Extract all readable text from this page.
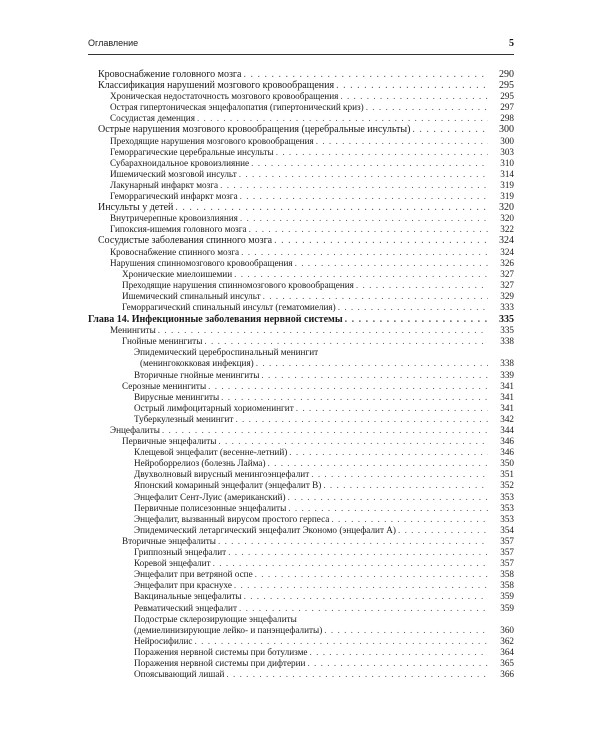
Оглавление	5
Кровоснабжение головного мозга . . .	290
Классификация нарушений мозгового кровообращения . . .	295
Хроническая недостаточность мозгового кровообращения . . .	295
Острая гипертоническая энцефалопатия (гипертонический криз) . . .	297
Сосудистая деменция . . .	298
Острые нарушения мозгового кровообращения (церебральные инсульты) . . .	300
Преходящие нарушения мозгового кровообращения . . .	300
Геморрагические церебральные инсульты . . .	303
Субарахноидальное кровоизлияние . . .	310
Ишемический мозговой инсульт . . .	314
Лакунарный инфаркт мозга . . .	319
Геморрагический инфаркт мозга . . .	319
Инсульты у детей . . .	320
Внутричерепные кровоизлияния . . .	320
Гипоксия-ишемия головного мозга . . .	322
Сосудистые заболевания спинного мозга . . .	324
Кровоснабжение спинного мозга . . .	324
Нарушения спинномозгового кровообращения . . .	326
Хронические миелоишемии . . .	327
Преходящие нарушения спинномозгового кровообращения . . .	327
Ишемический спинальный инсульт . . .	329
Геморрагический спинальный инсульт (гематомиелия) . . .	333
Глава 14. Инфекционные заболевания нервной системы . . .	335
Менингиты . . .	335
Гнойные менингиты . . .	338
Эпидемический цереброспинальный менингит
(менингококковая инфекция) . . .	338
Вторичные гнойные менингиты . . .	339
Серозные менингиты . . .	341
Вирусные менингиты . . .	341
Острый лимфоцитарный хориоменингит . . .	341
Туберкулезный менингит . . .	342
Энцефалиты . . .	344
Первичные энцефалиты . . .	346
Клещевой энцефалит (весенне-летний) . . .	346
Нейроборрелиоз (болезнь Лайма) . . .	350
Двухволновый вирусный менингоэнцефалит . . .	351
Японский комариный энцефалит (энцефалит В) . . .	352
Энцефалит Сент-Луис (американский) . . .	353
Первичные полисезонные энцефалиты . . .	353
Энцефалит, вызванный вирусом простого герпеса . . .	353
Эпидемический летаргический энцефалит Экономо (энцефалит А) . . .	354
Вторичные энцефалиты . . .	357
Гриппозный энцефалит . . .	357
Коревой энцефалит . . .	357
Энцефалит при ветряной оспе . . .	358
Энцефалит при краснухе . . .	358
Вакцинальные энцефалиты . . .	359
Ревматический энцефалит . . .	359
Подострые склерозирующие энцефалиты
(демиелинизирующие лейко- и панэнцефалиты) . . .	360
Нейросифилис . . .	362
Поражения нервной системы при ботулизме . . .	364
Поражения нервной системы при дифтерии . . .	365
Опоясывающий лишай . . .	366
